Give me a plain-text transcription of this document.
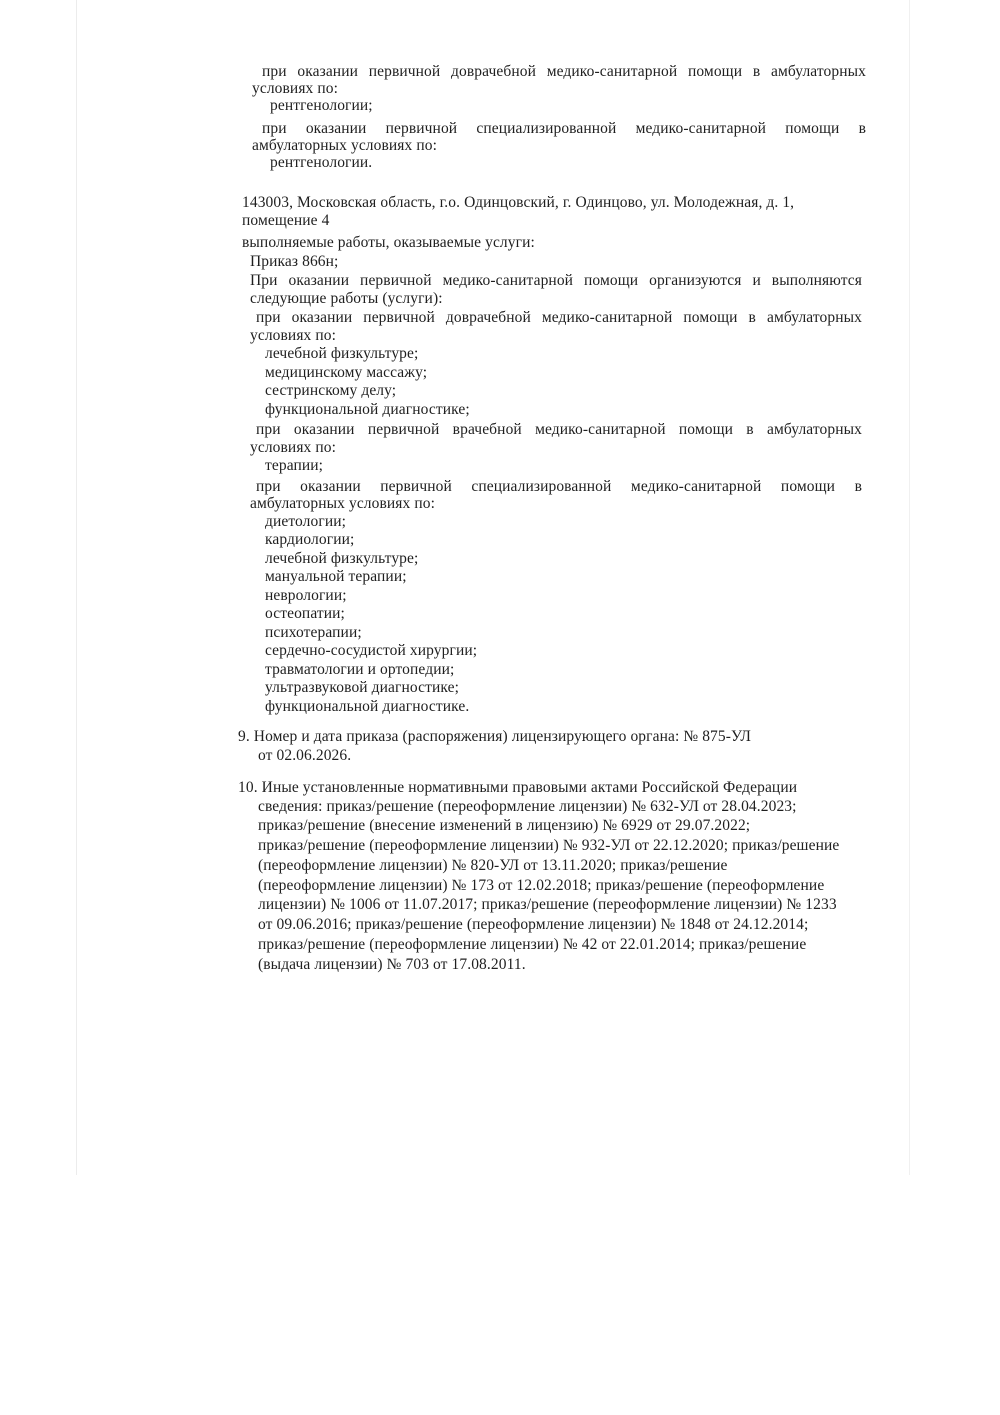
при оказании первичной доврачебной медико-санитарной помощи в амбулаторных
условиях по:
рентгенологии;
при оказании первичной специализированной медико-санитарной помощи в
амбулаторных условиях по:
рентгенологии.
143003, Московская область, г.о. Одинцовский, г. Одинцово, ул. Молодежная, д. 1,
помещение 4
выполняемые работы, оказываемые услуги:
Приказ 866н;
При оказании первичной медико-санитарной помощи организуются и выполняются
следующие работы (услуги):
при оказании первичной доврачебной медико-санитарной помощи в амбулаторных
условиях по:
лечебной физкультуре;
медицинскому массажу;
сестринскому делу;
функциональной диагностике;
при оказании первичной врачебной медико-санитарной помощи в амбулаторных
условиях по:
терапии;
при оказании первичной специализированной медико-санитарной помощи в
амбулаторных условиях по:
диетологии;
кардиологии;
лечебной физкультуре;
мануальной терапии;
неврологии;
остеопатии;
психотерапии;
сердечно-сосудистой хирургии;
травматологии и ортопедии;
ультразвуковой диагностике;
функциональной диагностике.
9. Номер и дата приказа (распоряжения) лицензирующего органа: № 875-УЛ
от 02.06.2026.
10. Иные установленные нормативными правовыми актами Российской Федерации
сведения: приказ/решение (переоформление лицензии) № 632-УЛ от 28.04.2023;
приказ/решение (внесение изменений в лицензию) № 6929 от 29.07.2022;
приказ/решение (переоформление лицензии) № 932-УЛ от 22.12.2020; приказ/решение
(переоформление лицензии) № 820-УЛ от 13.11.2020; приказ/решение
(переоформление лицензии) № 173 от 12.02.2018; приказ/решение (переоформление
лицензии) № 1006 от 11.07.2017; приказ/решение (переоформление лицензии) № 1233
от 09.06.2016; приказ/решение (переоформление лицензии) № 1848 от 24.12.2014;
приказ/решение (переоформление лицензии) № 42 от 22.01.2014; приказ/решение
(выдача лицензии) № 703 от 17.08.2011.
